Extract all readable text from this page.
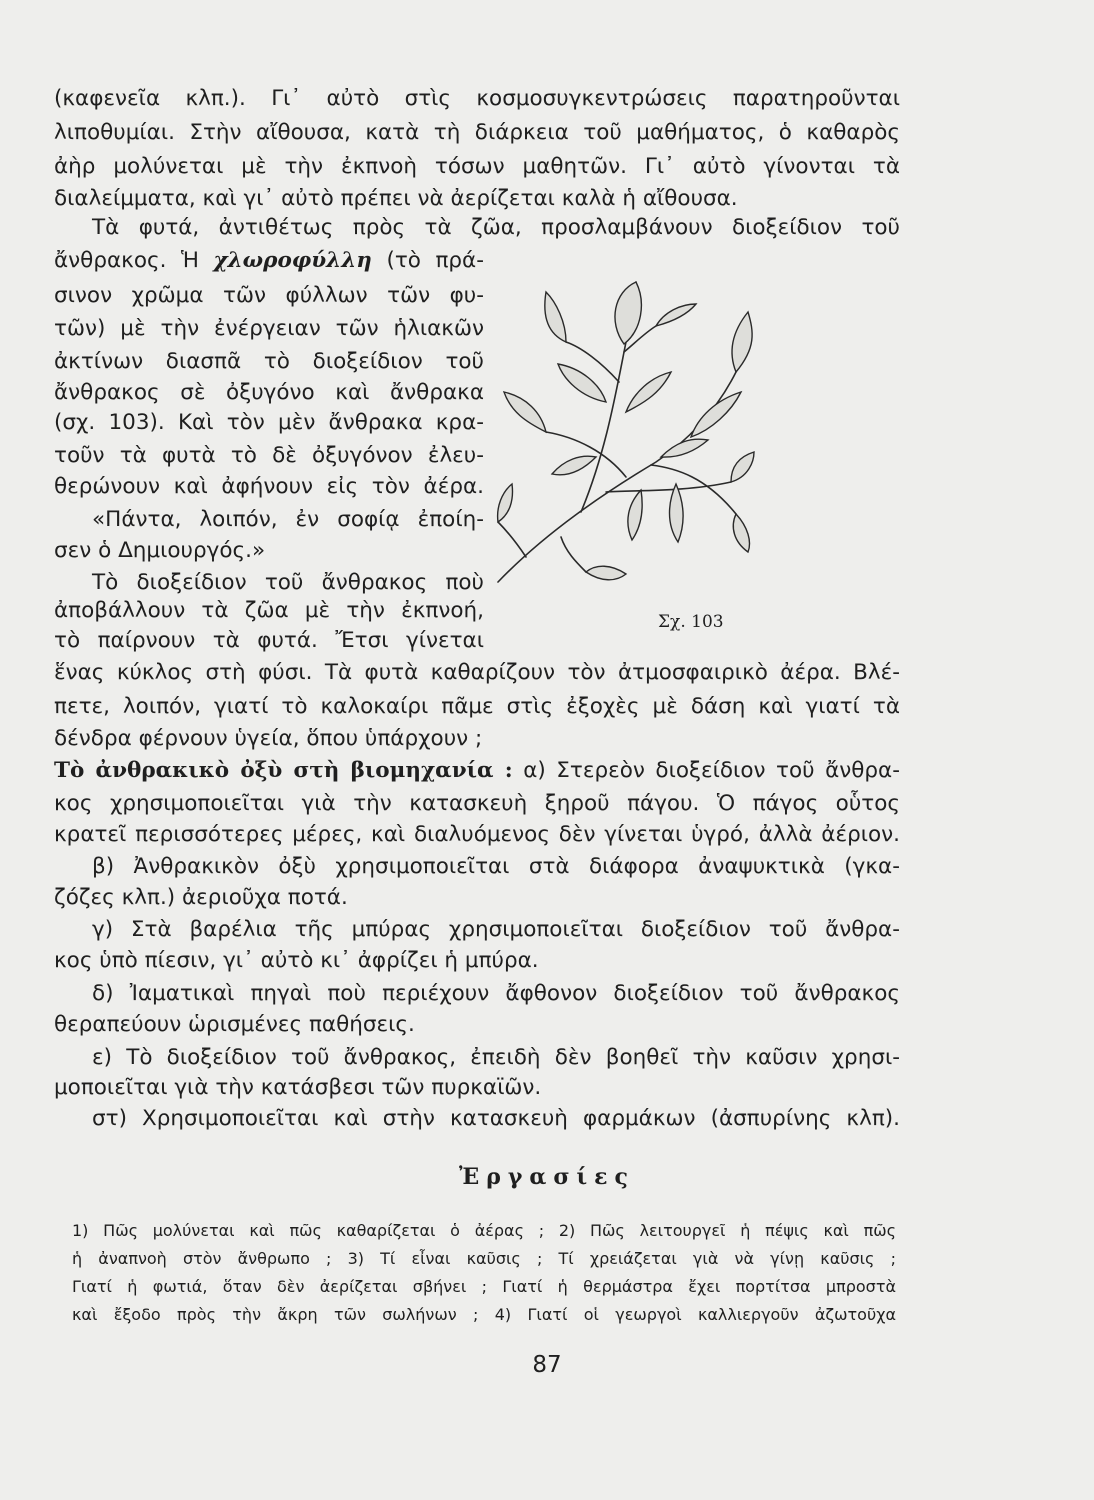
(καφενεῖα κλπ.). Γι᾽ αὐτὸ στὶς κοσμοσυγκεντρώσεις παρατηροῦνται
λιποθυμίαι. Στὴν αἴθουσα, κατὰ τὴ διάρκεια τοῦ μαθήματος, ὁ καθαρὸς
ἀὴρ μολύνεται μὲ τὴν ἐκπνοὴ τόσων μαθητῶν. Γι᾽ αὐτὸ γίνονται τὰ
διαλείμματα, καὶ γι᾽ αὐτὸ πρέπει νὰ ἀερίζεται καλὰ ἡ αἴθουσα.
Τὰ φυτά, ἀντιθέτως πρὸς τὰ ζῶα, προσλαμβάνουν διοξείδιον τοῦ
ἄνθρακος. Ἡ χλωροφύλλη (τὸ πρά-
σινον χρῶμα τῶν φύλλων τῶν φυ-
τῶν) μὲ τὴν ἐνέργειαν τῶν ἡλιακῶν
ἀκτίνων διασπᾶ τὸ διοξείδιον τοῦ
ἄνθρακος σὲ ὀξυγόνο καὶ ἄνθρακα
(σχ. 103). Καὶ τὸν μὲν ἄνθρακα κρα-
τοῦν τὰ φυτὰ τὸ δὲ ὀξυγόνον ἐλευ-
θερώνουν καὶ ἀφήνουν εἰς τὸν ἀέρα.
«Πάντα, λοιπόν, ἐν σοφίᾳ ἐποίη-
σεν ὁ Δημιουργός.»
Τὸ διοξείδιον τοῦ ἄνθρακος ποὺ
ἀποβάλλουν τὰ ζῶα μὲ τὴν ἐκπνοή,
τὸ παίρνουν τὰ φυτά. Ἔτσι γίνεται
Σχ. 103
ἕνας κύκλος στὴ φύσι. Τὰ φυτὰ καθαρίζουν τὸν ἀτμοσφαιρικὸ ἀέρα. Βλέ-
πετε, λοιπόν, γιατί τὸ καλοκαίρι πᾶμε στὶς ἐξοχὲς μὲ δάση καὶ γιατί τὰ
δένδρα φέρνουν ὑγεία, ὅπου ὑπάρχουν ;
Τὸ ἀνθρακικὸ ὀξὺ στὴ βιομηχανία : α) Στερεὸν διοξείδιον τοῦ ἄνθρα-
κος χρησιμοποιεῖται γιὰ τὴν κατασκευὴ ξηροῦ πάγου. Ὁ πάγος οὗτος
κρατεῖ περισσότερες μέρες, καὶ διαλυόμενος δὲν γίνεται ὑγρό, ἀλλὰ ἀέριον.
β) Ἀνθρακικὸν ὀξὺ χρησιμοποιεῖται στὰ διάφορα ἀναψυκτικὰ (γκα-
ζόζες κλπ.) ἀεριοῦχα ποτά.
γ) Στὰ βαρέλια τῆς μπύρας χρησιμοποιεῖται διοξείδιον τοῦ ἄνθρα-
κος ὑπὸ πίεσιν, γι᾽ αὐτὸ κι᾽ ἀφρίζει ἡ μπύρα.
δ) Ἰαματικαὶ πηγαὶ ποὺ περιέχουν ἄφθονον διοξείδιον τοῦ ἄνθρακος
θεραπεύουν ὡρισμένες παθήσεις.
ε) Τὸ διοξείδιον τοῦ ἄνθρακος, ἐπειδὴ δὲν βοηθεῖ τὴν καῦσιν χρησι-
μοποιεῖται γιὰ τὴν κατάσβεσι τῶν πυρκαϊῶν.
στ) Χρησιμοποιεῖται καὶ στὴν κατασκευὴ φαρμάκων (ἀσπυρίνης κλπ).
Ἐργασίες
1) Πῶς μολύνεται καὶ πῶς καθαρίζεται ὁ ἀέρας ; 2) Πῶς λειτουργεῖ ἡ πέψις καὶ πῶς
ἡ ἀναπνοὴ στὸν ἄνθρωπο ; 3) Τί εἶναι καῦσις ; Τί χρειάζεται γιὰ νὰ γίνῃ καῦσις ;
Γιατί ἡ φωτιά, ὅταν δὲν ἀερίζεται σβήνει ; Γιατί ἡ θερμάστρα ἔχει πορτίτσα μπροστὰ
καὶ ἔξοδο πρὸς τὴν ἄκρη τῶν σωλήνων ; 4) Γιατί οἱ γεωργοὶ καλλιεργοῦν ἀζωτοῦχα
87
